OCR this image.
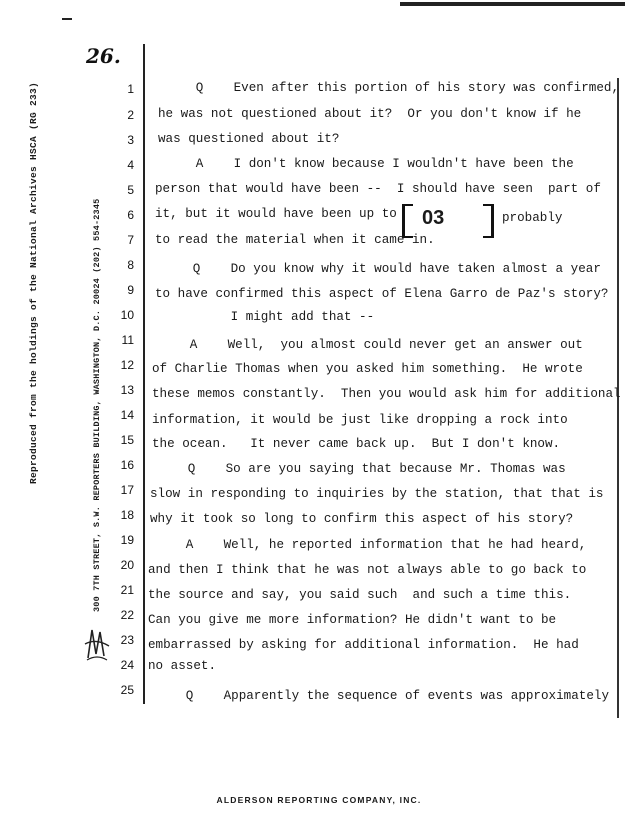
26.
Reproduced from the holdings of the National Archives HSCA (RG 233)	300 7TH STREET, S.W. REPORTERS BUILDING, WASHINGTON, D.C. 20024 (202) 554-2345
1
2
3
4
5
6
7
8
9
10
11
12
13
14
15
16
17
18
19
20
21
22
23
24
25
Q    Even after this portion of his story was confirmed,
he was not questioned about it?  Or you don't know if he
was questioned about it?
A    I don't know because I wouldn't have been the
person that would have been --  I should have seen  part of
it, but it would have been up to 03	probably
to read the material when it came in.
Q    Do you know why it would have taken almost a year
to have confirmed this aspect of Elena Garro de Paz's story?
I might add that --
A    Well,  you almost could never get an answer out
of Charlie Thomas when you asked him something.  He wrote
these memos constantly.  Then you would ask him for additional
information, it would be just like dropping a rock into
the ocean.   It never came back up.  But I don't know.
Q    So are you saying that because Mr. Thomas was
slow in responding to inquiries by the station, that that is
why it took so long to confirm this aspect of his story?
A    Well, he reported information that he had heard,
and then I think that he was not always able to go back to
the source and say, you said such  and such a time this.
Can you give me more information? He didn't want to be
embarrassed by asking for additional information.  He had
no asset.
Q    Apparently the sequence of events was approximately
ALDERSON REPORTING COMPANY, INC.
